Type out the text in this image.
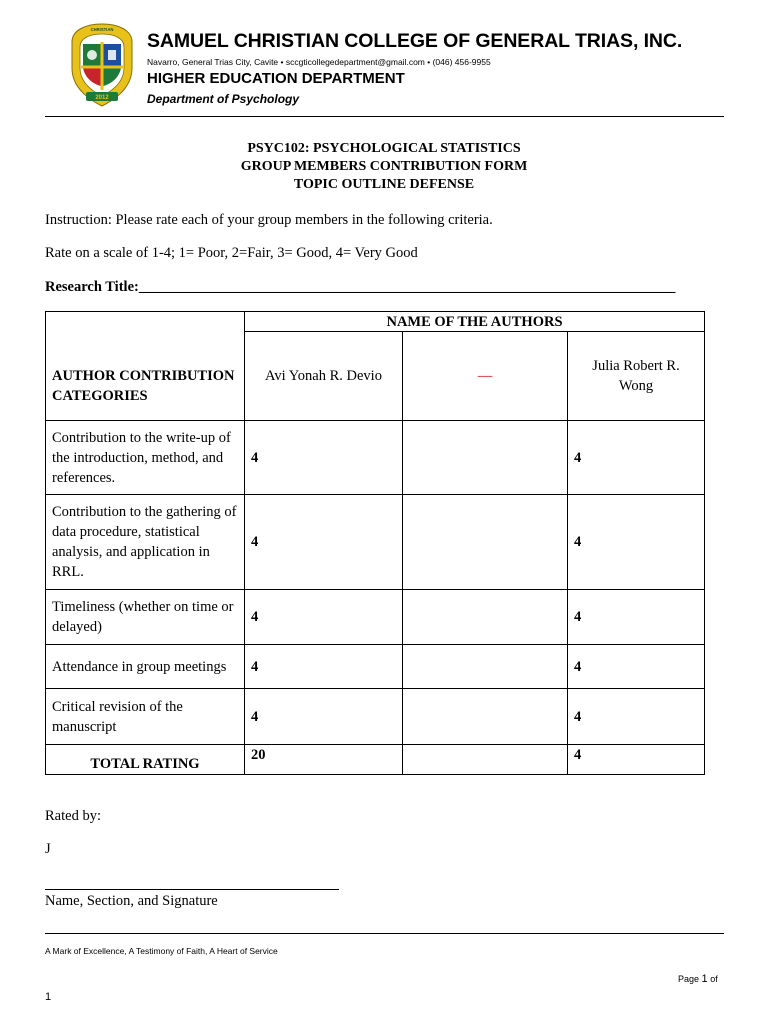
CHRISTIAN
2012
SAMUEL CHRISTIAN COLLEGE OF GENERAL TRIAS, INC.
Navarro, General Trias City, Cavite • sccgticollegedepartment@gmail.com • (046) 456-9955
HIGHER EDUCATION DEPARTMENT
Department of Psychology
PSYC102: PSYCHOLOGICAL STATISTICS
GROUP MEMBERS CONTRIBUTION FORM
TOPIC OUTLINE DEFENSE
Instruction: Please rate each of your group members in the following criteria.
Rate on a scale of 1-4; 1= Poor, 2=Fair, 3= Good, 4= Very Good
Research Title:__________________________________________________________________________
AUTHOR CONTRIBUTION CATEGORIES	NAME OF THE AUTHORS		
	Avi Yonah R. Devio	—	Julia Robert R. Wong
Contribution to the write-up of the introduction, method, and references.	4		4
Contribution to the gathering of data procedure, statistical analysis, and application in RRL.	4		4
Timeliness (whether on time or delayed)	4		4
Attendance in group meetings	4		4
Critical revision of the manuscript	4		4
TOTAL RATING	20		4
Rated by:
J
Name, Section, and Signature
A Mark of Excellence, A Testimony of Faith, A Heart of Service
Page 1 of
1
